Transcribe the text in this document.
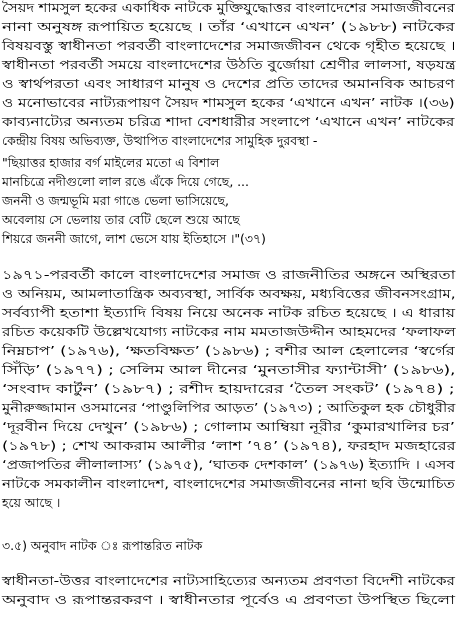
সৈয়দ শামসুল হকের একাধিক নাটকে মুক্তিযুদ্ধোত্তর বাংলাদেশের সমাজজীবনের
নানা অনুষঙ্গ রূপায়িত হয়েছে । তাঁর ‘এখানে এখন’ (১৯৮৮) নাটকের
বিষয়বস্তু স্বাধীনতা পরবর্তী বাংলাদেশের সমাজজীবন থেকে গৃহীত হয়েছে ।
স্বাধীনতা পরবর্তী সময়ে বাংলাদেশের উঠতি বুর্জোয়া শ্রেণীর লালসা, ষড়যন্ত্র
ও স্বার্থপরতা এবং সাধারণ মানুষ ও দেশের প্রতি তাদের অমানবিক আচরণ
ও মনোভাবের নাট্যরূপায়ণ সৈয়দ শামসুল হকের ‘এখানে এখন’ নাটক ।(৩৬)
কাব্যনাট্যের অন্যতম চরিত্র শাদা বেশধারীর সংলাপে ‘এখানে এখন’ নাটকের
কেন্দ্রীয় বিষয় অভিব্যক্ত, উত্থাপিত বাংলাদেশের সামুহিক দুরবস্থা -
"ছিয়াত্তর হাজার বর্গ মাইলের মতো এ বিশাল
মানচিত্রে নদীগুলো লাল রঙে এঁকে দিয়ে গেছে, ...
জননী ও জন্মভূমি মরা গাঙে ভেলা ভাসিয়েছে,
অবেলায় সে ভেলায় তার বেটি ছেলে শুয়ে আছে
শিয়রে জননী জাগে, লাশ ভেসে যায় ইতিহাসে ।"(৩৭)
১৯৭১-পরবর্তী কালে বাংলাদেশের সমাজ ও রাজনীতির অঙ্গনে অস্থিরতা
ও অনিয়ম, আমলাতান্ত্রিক অব্যবস্থা, সার্বিক অবক্ষয়, মধ্যবিত্তের জীবনসংগ্রাম,
সর্বব্যাপী হতাশা ইত্যাদি বিষয় নিয়ে অনেক নাটক রচিত হয়েছে । এ ধারায়
রচিত কয়েকটি উল্লেখযোগ্য নাটকের নাম মমতাজউদ্দীন আহমদের ‘ফলাফল
নিম্নচাপ’ (১৯৭৬), ‘ক্ষতবিক্ষত’ (১৯৮৬) ; বশীর আল হেলালের ‘স্বর্গের
সিঁড়ি’ (১৯৭৭) ; সেলিম আল দীনের ‘মুনতাসীর ফ্যান্টাসী’ (১৯৮৬),
‘সংবাদ কার্টুন’ (১৯৮৭) ; রশীদ হায়দারের ‘তৈল সংকট’ (১৯৭৪) ;
মুনীরুজ্জামান ওসমানের ‘পাণ্ডুলিপির আড়ত’ (১৯৭৩) ; আতিকুল হক চৌধুরীর
‘দূরবীন দিয়ে দেখুন’ (১৯৮৬) ; গোলাম আম্বিয়া নূরীর ‘কুমারখালির চর’
(১৯৭৮) ; শেখ আকরাম আলীর ‘লাশ ’৭৪’ (১৯৭৪), ফরহাদ মজহারের
‘প্রজাপতির লীলালাস্য’ (১৯৭৫), ‘ঘাতক দেশকাল’ (১৯৭৬) ইত্যাদি । এসব
নাটকে সমকালীন বাংলাদেশ, বাংলাদেশের সমাজজীবনের নানা ছবি উন্মোচিত
হয়ে আছে ।
৩.৫) অনুবাদ নাটক ঃ রূপান্তরিত নাটক
স্বাধীনতা-উত্তর বাংলাদেশের নাট্যসাহিত্যের অন্যতম প্রবণতা বিদেশী নাটকের
অনুবাদ ও রূপান্তরকরণ । স্বাধীনতার পূর্বেও এ প্রবণতা উপস্থিত ছিলো
